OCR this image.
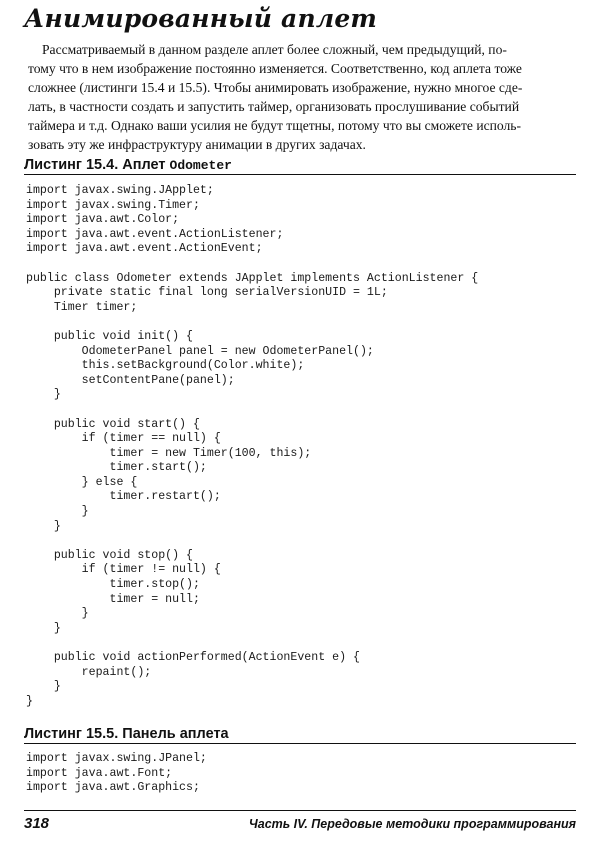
Анимированный аплет

Рассматриваемый в данном разделе аплет более сложный, чем предыдущий, по-
тому что в нем изображение постоянно изменяется. Соответственно, код аплета тоже
сложнее (листинги 15.4 и 15.5). Чтобы анимировать изображение, нужно многое сде-
лать, в частности создать и запустить таймер, организовать прослушивание событий
таймера и т.д. Однако ваши усилия не будут тщетны, потому что вы сможете исполь-
зовать эту же инфраструктуру анимации в других задачах.

Листинг 15.4. Аплет Odometer
import javax.swing.JApplet;
import javax.swing.Timer;
import java.awt.Color;
import java.awt.event.ActionListener;
import java.awt.event.ActionEvent;

public class Odometer extends JApplet implements ActionListener {
private static final long serialVersionUID = 1L;
Timer timer;

public void init() {
OdometerPanel panel = new OdometerPanel();
this.setBackground(Color.white);
setContentPane(panel);
}

public void start() {
if (timer == null) {
timer = new Timer(100, this);
timer.start();
} else {
timer.restart();
}
}

public void stop() {
if (timer != null) {
timer.stop();
timer = null;
}
}

public void actionPerformed(ActionEvent e) {
repaint();
}
}

Листинг 15.5. Панель аплета
import javax.swing.JPanel;
import java.awt.Font;
import java.awt.Graphics;

318	Часть IV. Передовые методики программирования
